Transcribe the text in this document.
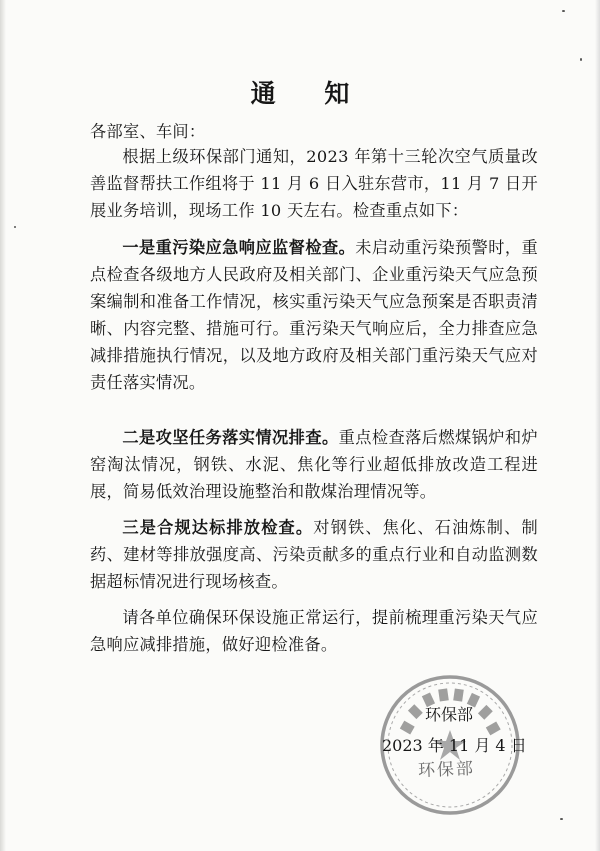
通 知

各部室、车间：

根据上级环保部门通知，2023 年第十三轮次空气质量改善监督帮扶工作组将于 11 月 6 日入驻东营市，11 月 7 日开展业务培训，现场工作 10 天左右。检查重点如下：

一是重污染应急响应监督检查。未启动重污染预警时，重点检查各级地方人民政府及相关部门、企业重污染天气应急预案编制和准备工作情况，核实重污染天气应急预案是否职责清晰、内容完整、措施可行。重污染天气响应后，全力排查应急减排措施执行情况，以及地方政府及相关部门重污染天气应对责任落实情况。

二是攻坚任务落实情况排查。重点检查落后燃煤锅炉和炉窑淘汰情况，钢铁、水泥、焦化等行业超低排放改造工程进展，简易低效治理设施整治和散煤治理情况等。

三是合规达标排放检查。对钢铁、焦化、石油炼制、制药、建材等排放强度高、污染贡献多的重点行业和自动监测数据超标情况进行现场核查。

请各单位确保环保设施正常运行，提前梳理重污染天气应急响应减排措施，做好迎检准备。

环保部
环保部
2023 年 11 月 4 日
